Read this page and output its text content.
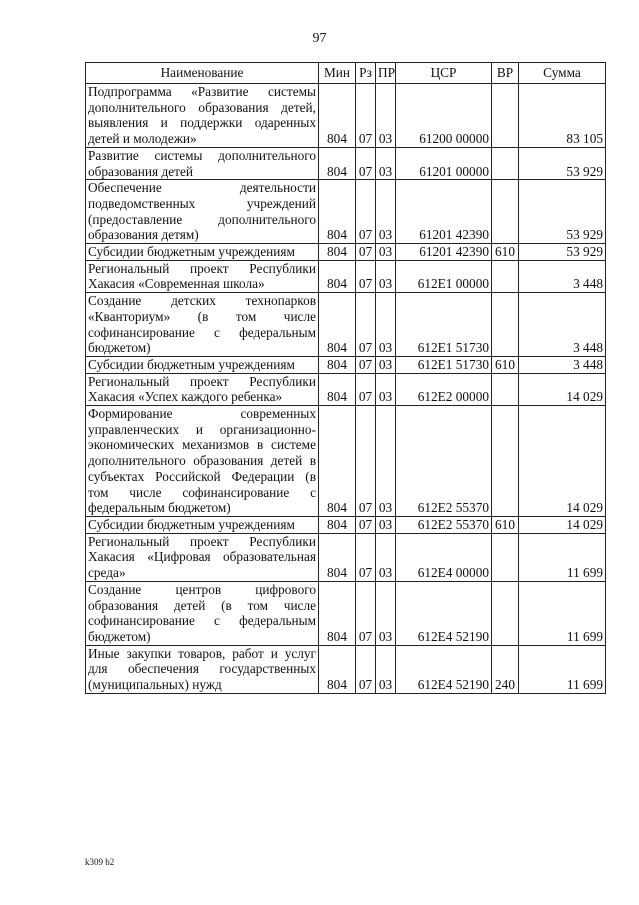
97
Наименование	Мин	Рз	ПР	ЦСР	ВР	Сумма
Подпрограмма «Развитие системы дополнительного образования детей, выявления и поддержки одаренных детей и молодежи»	804	07	03	61200 00000		83 105
Развитие системы дополнительного образования детей	804	07	03	61201 00000		53 929
Обеспечение деятельности подведомственных учреждений (предоставление дополнительного образования детям)	804	07	03	61201 42390		53 929
Субсидии бюджетным учреждениям	804	07	03	61201 42390	610	53 929
Региональный проект Республики Хакасия «Современная школа»	804	07	03	612E1 00000		3 448
Создание детских технопарков «Кванториум» (в том числе софинансирование с федеральным бюджетом)	804	07	03	612E1 51730		3 448
Субсидии бюджетным учреждениям	804	07	03	612E1 51730	610	3 448
Региональный проект Республики Хакасия «Успех каждого ребенка»	804	07	03	612E2 00000		14 029
Формирование современных управленческих и организационно-экономических механизмов в системе дополнительного образования детей в субъектах Российской Федерации (в том числе софинансирование с федеральным бюджетом)	804	07	03	612E2 55370		14 029
Субсидии бюджетным учреждениям	804	07	03	612E2 55370	610	14 029
Региональный проект Республики Хакасия «Цифровая образовательная среда»	804	07	03	612E4 00000		11 699
Создание центров цифрового образования детей (в том числе софинансирование с федеральным бюджетом)	804	07	03	612E4 52190		11 699
Иные закупки товаров, работ и услуг для обеспечения государственных (муниципальных) нужд	804	07	03	612E4 52190	240	11 699
k309 b2
